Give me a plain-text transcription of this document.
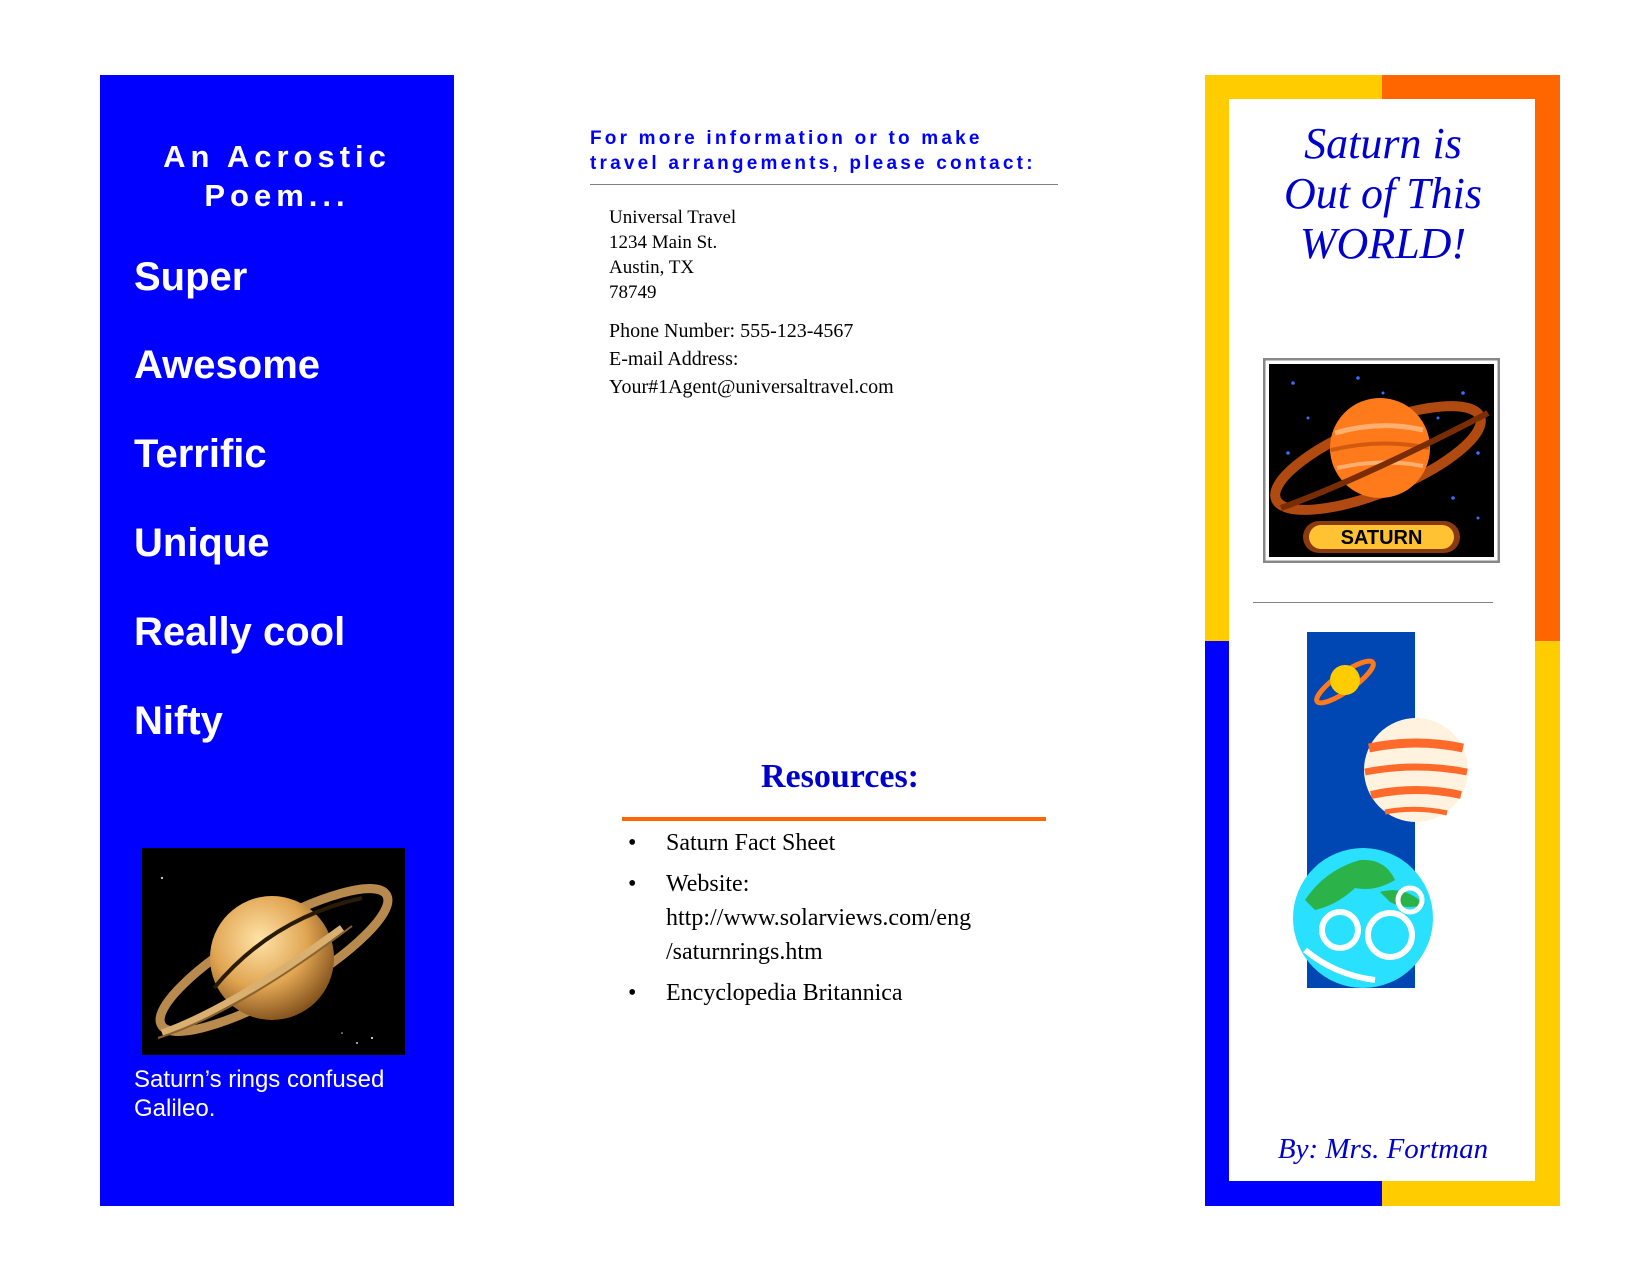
An Acrostic Poem...
Super
Awesome
Terrific
Unique
Really cool
Nifty
Saturn’s rings confused Galileo.
For more information or to make
travel arrangements, please contact:
Universal Travel
1234 Main St.
Austin, TX
78749
Phone Number: 555-123-4567
E-mail Address:
Your#1Agent@universaltravel.com
Resources:
• Saturn Fact Sheet
• Website: http://www.solarviews.com/eng /saturnrings.htm
• Encyclopedia Britannica
Saturn is
Out of This
WORLD!
SATURN
By: Mrs. Fortman
